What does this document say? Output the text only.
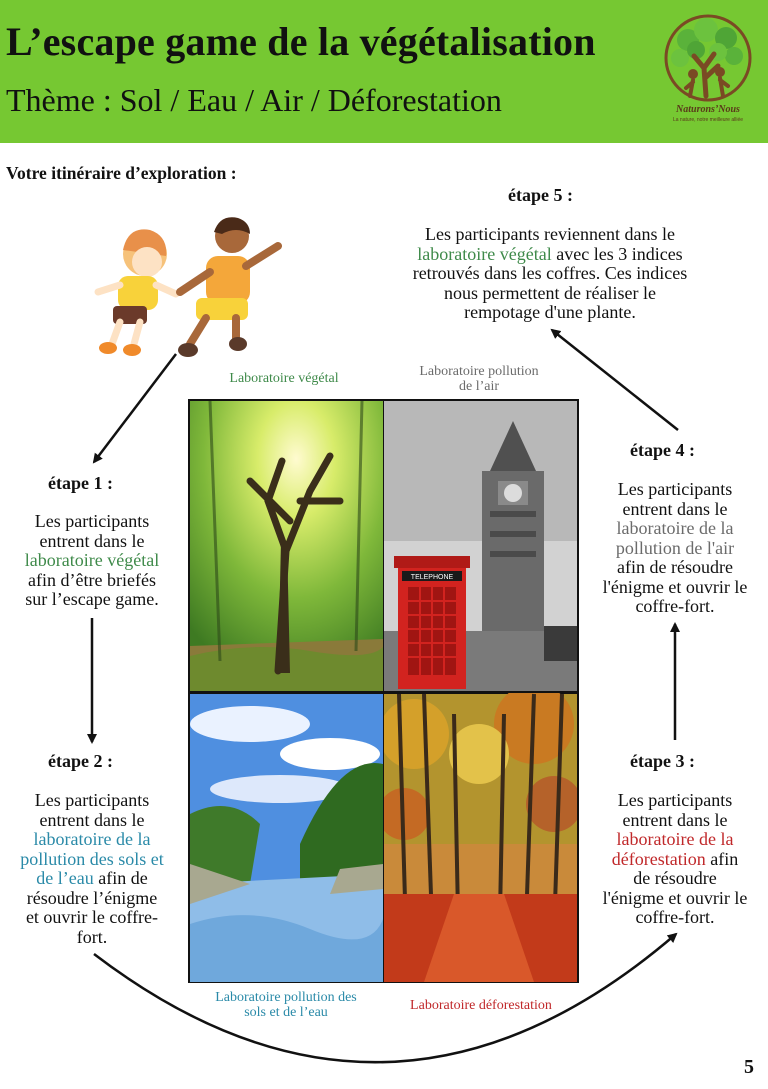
L’escape game de la végétalisation
Thème : Sol / Eau / Air / Déforestation	Naturons’Nous
La nature, notre meilleure alliée
Votre itinéraire d’exploration :
étape 5 :
Les participants reviennent dans le
laboratoire végétal avec les 3 indices
retrouvés dans les coffres. Ces indices
nous permettent de réaliser le
rempotage d'une plante.
Laboratoire végétal	Laboratoire pollution
de l’air
étape 1 :
Les participants
entrent dans le
laboratoire végétal
afin d’être briefés
sur l’escape game.
étape 4 :
Les participants
entrent dans le
laboratoire de la
pollution de l'air
afin de résoudre
l'énigme et ouvrir le
coffre-fort.
étape 2 :
Les participants
entrent dans le
laboratoire de la
pollution des sols et
de l’eau afin de
résoudre l’énigme
et ouvrir le coffre-
fort.
étape 3 :
Les participants
entrent dans le
laboratoire de la
déforestation afin
de résoudre
l'énigme et ouvrir le
coffre-fort.
TELEPHONE
Laboratoire pollution des
sols et de l’eau	Laboratoire déforestation
5
